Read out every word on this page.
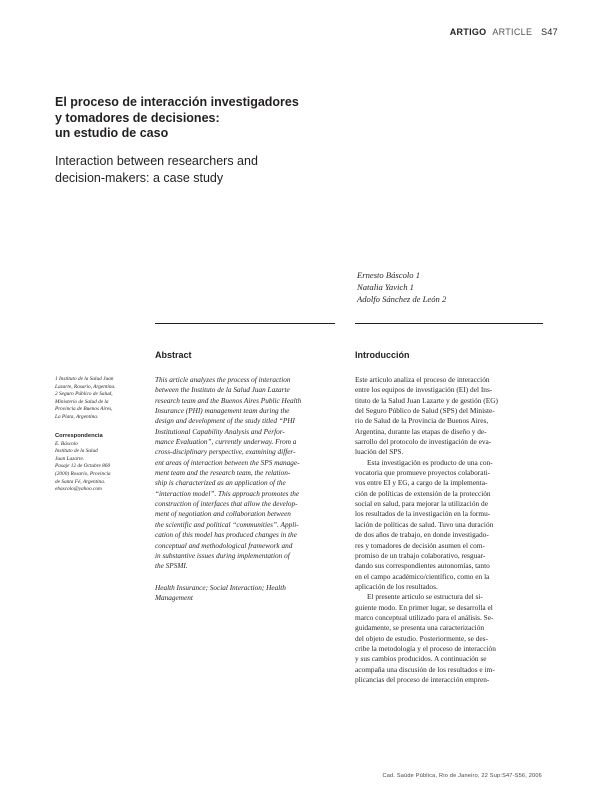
ARTIGO ARTICLE S47
El proceso de interacción investigadores
y tomadores de decisiones:
un estudio de caso
Interaction between researchers and
decision-makers: a case study
Ernesto Báscolo 1
Natalia Yavich 1
Adolfo Sánchez de León 2
Abstract	Introducción
1 Instituto de la Salud Juan
Lazarte, Rosario, Argentina.
2 Seguro Público de Salud,
Ministerio de Salud de la
Provincia de Buenos Aires,
La Plata, Argentina.
Correspondencia
E. Báscolo
Instituto de la Salud
Juan Lazarte.
Pasaje 12 de Octubre 860
(2000) Rosario, Provincia
de Santa Fé, Argentina.
ebascolo@yahoo.com
This article analyzes the process of interaction
between the Instituto de la Salud Juan Lazarte
research team and the Buenos Aires Public Health
Insurance (PHI) management team during the
design and development of the study titled “PHI
Institutional Capability Analysis and Perfor-
mance Evaluation”, currently underway. From a
cross-disciplinary perspective, examining differ-
ent areas of interaction between the SPS manage-
ment team and the research team, the relation-
ship is characterized as an application of the
“interaction model”. This approach promotes the
construction of interfaces that allow the develop-
ment of negotiation and collaboration between
the scientific and political “communities”. Appli-
cation of this model has produced changes in the
conceptual and methodological framework and
in substantive issues during implementation of
the SPSMI.
Health Insurance; Social Interaction; Health
Management
Este artículo analiza el proceso de interacción
entre los equipos de investigación (EI) del Ins-
tituto de la Salud Juan Lazarte y de gestión (EG)
del Seguro Público de Salud (SPS) del Ministe-
rio de Salud de la Provincia de Buenos Aires,
Argentina, durante las etapas de diseño y de-
sarrollo del protocolo de investigación de eva-
luación del SPS.
Esta investigación es producto de una con-
vocatoria que promueve proyectos colaborati-
vos entre EI y EG, a cargo de la implementa-
ción de políticas de extensión de la protección
social en salud, para mejorar la utilización de
los resultados de la investigación en la formu-
lación de políticas de salud. Tuvo una duración
de dos años de trabajo, en donde investigado-
res y tomadores de decisión asumen el com-
promiso de un trabajo colaborativo, resguar-
dando sus correspondientes autonomías, tanto
en el campo académico/científico, como en la
aplicación de los resultados.
El presente artículo se estructura del si-
guiente modo. En primer lugar, se desarrolla el
marco conceptual utilizado para el análisis. Se-
guidamente, se presenta una caracterización
del objeto de estudio. Posteriormente, se des-
cribe la metodología y el proceso de interacción
y sus cambios producidos. A continuación se
acompaña una discusión de los resultados e im-
plicancias del proceso de interacción empren-
Cad. Saúde Pública, Rio de Janeiro, 22 Sup:S47-S56, 2006
